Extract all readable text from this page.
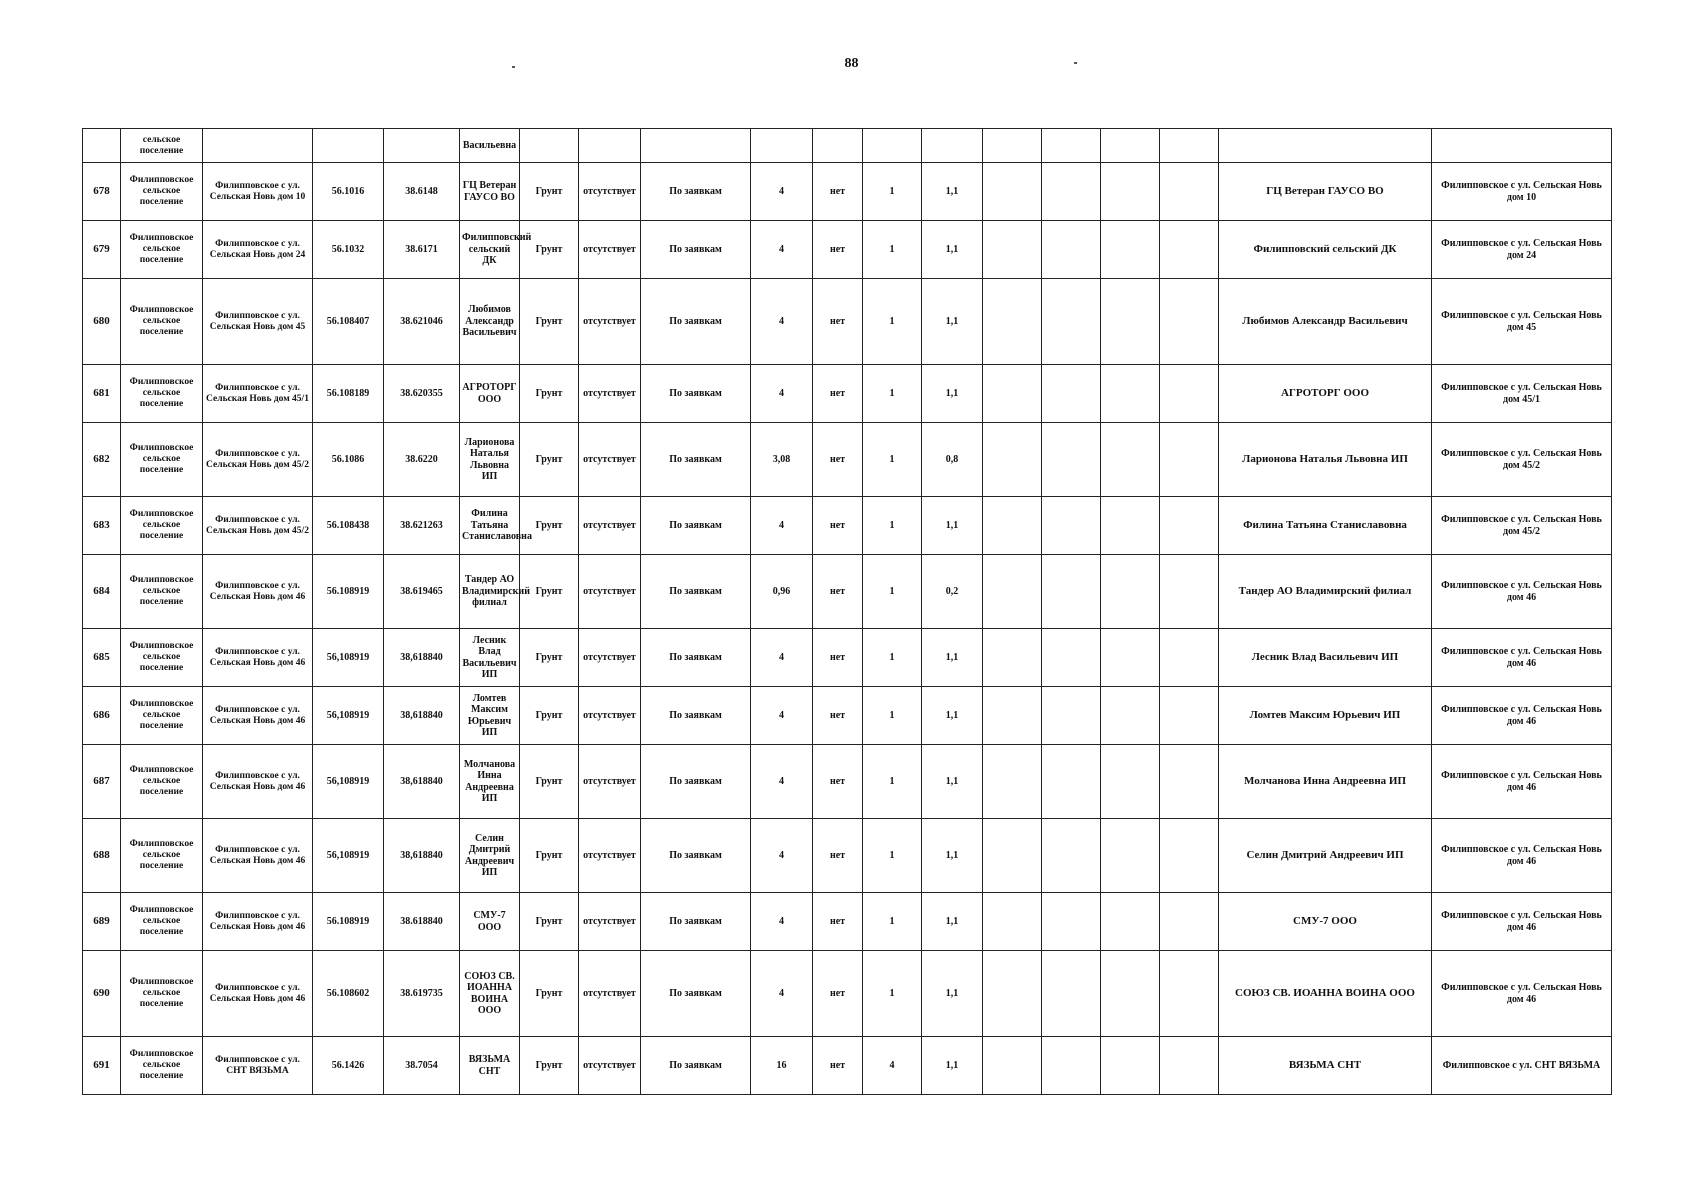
88
	сельское поселение				Васильевна													
678	Филипповское сельское поселение	Филипповское с ул. Сельская Новь дом 10	56.1016	38.6148	ГЦ Ветеран ГАУСО ВО	Грунт	отсутствует	По заявкам	4	нет	1	1,1					ГЦ Ветеран ГАУСО ВО	Филипповское с ул. Сельская Новь дом 10
679	Филипповское сельское поселение	Филипповское с ул. Сельская Новь дом 24	56.1032	38.6171	Филипповский сельский ДК	Грунт	отсутствует	По заявкам	4	нет	1	1,1					Филипповский сельский ДК	Филипповское с ул. Сельская Новь дом 24
680	Филипповское сельское поселение	Филипповское с ул. Сельская Новь дом 45	56.108407	38.621046	Любимов Александр Васильевич	Грунт	отсутствует	По заявкам	4	нет	1	1,1					Любимов Александр Васильевич	Филипповское с ул. Сельская Новь дом 45
681	Филипповское сельское поселение	Филипповское с ул. Сельская Новь дом 45/1	56.108189	38.620355	АГРОТОРГ ООО	Грунт	отсутствует	По заявкам	4	нет	1	1,1					АГРОТОРГ ООО	Филипповское с ул. Сельская Новь дом 45/1
682	Филипповское сельское поселение	Филипповское с ул. Сельская Новь дом 45/2	56.1086	38.6220	Ларионова Наталья Львовна ИП	Грунт	отсутствует	По заявкам	3,08	нет	1	0,8					Ларионова Наталья Львовна ИП	Филипповское с ул. Сельская Новь дом 45/2
683	Филипповское сельское поселение	Филипповское с ул. Сельская Новь дом 45/2	56.108438	38.621263	Филина Татьяна Станиславовна	Грунт	отсутствует	По заявкам	4	нет	1	1,1					Филина Татьяна Станиславовна	Филипповское с ул. Сельская Новь дом 45/2
684	Филипповское сельское поселение	Филипповское с ул. Сельская Новь дом 46	56.108919	38.619465	Тандер АО Владимирский филиал	Грунт	отсутствует	По заявкам	0,96	нет	1	0,2					Тандер АО Владимирский филиал	Филипповское с ул. Сельская Новь дом 46
685	Филипповское сельское поселение	Филипповское с ул. Сельская Новь дом 46	56,108919	38,618840	Лесник Влад Васильевич ИП	Грунт	отсутствует	По заявкам	4	нет	1	1,1					Лесник Влад Васильевич ИП	Филипповское с ул. Сельская Новь дом 46
686	Филипповское сельское поселение	Филипповское с ул. Сельская Новь дом 46	56,108919	38,618840	Ломтев Максим Юрьевич ИП	Грунт	отсутствует	По заявкам	4	нет	1	1,1					Ломтев Максим Юрьевич ИП	Филипповское с ул. Сельская Новь дом 46
687	Филипповское сельское поселение	Филипповское с ул. Сельская Новь дом 46	56,108919	38,618840	Молчанова Инна Андреевна ИП	Грунт	отсутствует	По заявкам	4	нет	1	1,1					Молчанова Инна Андреевна ИП	Филипповское с ул. Сельская Новь дом 46
688	Филипповское сельское поселение	Филипповское с ул. Сельская Новь дом 46	56,108919	38,618840	Селин Дмитрий Андреевич ИП	Грунт	отсутствует	По заявкам	4	нет	1	1,1					Селин Дмитрий Андреевич ИП	Филипповское с ул. Сельская Новь дом 46
689	Филипповское сельское поселение	Филипповское с ул. Сельская Новь дом 46	56.108919	38.618840	СМУ-7 ООО	Грунт	отсутствует	По заявкам	4	нет	1	1,1					СМУ-7 ООО	Филипповское с ул. Сельская Новь дом 46
690	Филипповское сельское поселение	Филипповское с ул. Сельская Новь дом 46	56.108602	38.619735	СОЮЗ СВ. ИОАННА ВОИНА ООО	Грунт	отсутствует	По заявкам	4	нет	1	1,1					СОЮЗ СВ. ИОАННА ВОИНА ООО	Филипповское с ул. Сельская Новь дом 46
691	Филипповское сельское поселение	Филипповское с ул. СНТ ВЯЗЬМА	56.1426	38.7054	ВЯЗЬМА СНТ	Грунт	отсутствует	По заявкам	16	нет	4	1,1					ВЯЗЬМА СНТ	Филипповское с ул. СНТ ВЯЗЬМА
